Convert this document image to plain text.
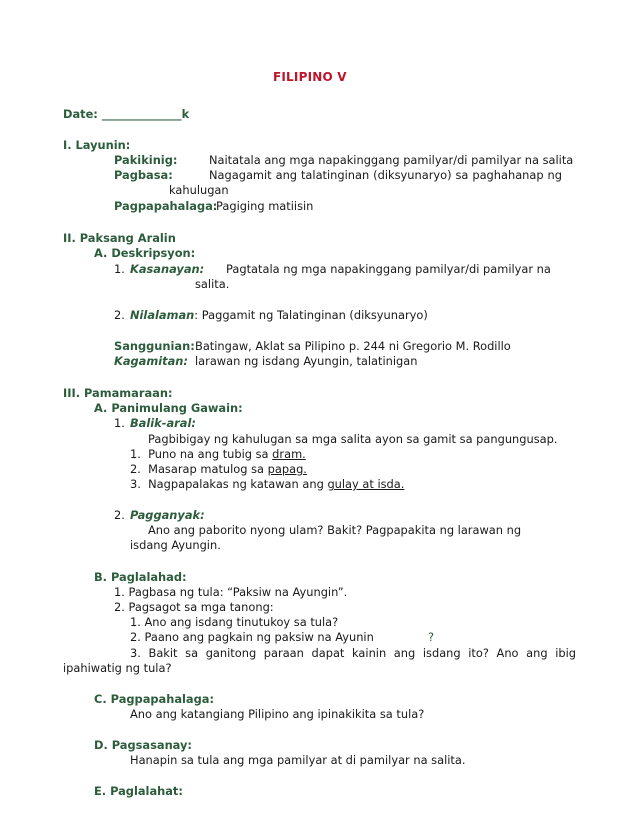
FILIPINO V
Date: ______________k
I. Layunin:
Pakikinig:	Naitatala ang mga napakinggang pamilyar/di pamilyar na salita
Pagbasa:	Nagagamit ang talatinginan (diksyunaryo) sa paghahanap ng
kahulugan
Pagpapahalaga:
Pagiging matiisin
II. Paksang Aralin
A. Deskripsyon:
1. Kasanayan: Pagtatala ng mga napakinggang pamilyar/di pamilyar na
salita.
2. Nilalaman: Paggamit ng Talatinginan (diksyunaryo)
Sanggunian: Batingaw, Aklat sa Pilipino p. 244 ni Gregorio M. Rodillo
Kagamitan: larawan ng isdang Ayungin, talatinigan
III. Pamamaraan:
A. Panimulang Gawain:
1. Balik-aral:
Pagbibigay ng kahulugan sa mga salita ayon sa gamit sa pangungusap.
1. Puno na ang tubig sa dram.
2. Masarap matulog sa papag.
3. Nagpapalakas ng katawan ang gulay at isda.
2. Pagganyak:
Ano ang paborito nyong ulam? Bakit? Pagpapakita ng larawan ng
isdang Ayungin.
B. Paglalahad:
1. Pagbasa ng tula: “Paksiw na Ayungin”.
2. Pagsagot sa mga tanong:
1. Ano ang isdang tinutukoy sa tula?
2. Paano ang pagkain ng paksiw na Ayunin	?
3. Bakit sa ganitong paraan dapat kainin ang isdang ito? Ano ang ibig
ipahiwatig ng tula?
C. Pagpapahalaga:
Ano ang katangiang Pilipino ang ipinakikita sa tula?
D. Pagsasanay:
Hanapin sa tula ang mga pamilyar at di pamilyar na salita.
E. Paglalahat:
